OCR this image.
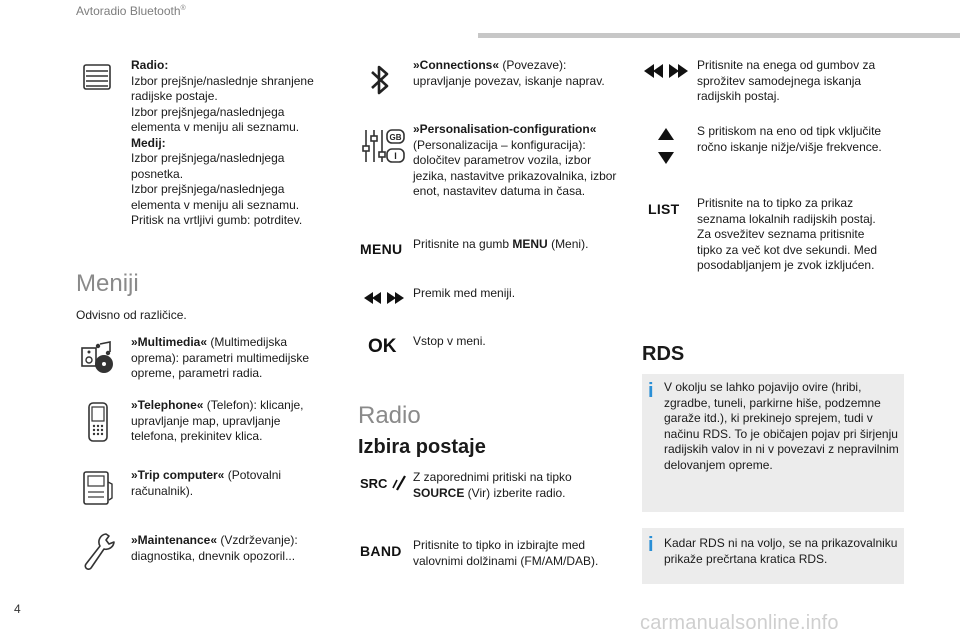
Avtoradio Bluetooth®
Radio:
Izbor prejšnje/naslednje shranjene radijske postaje.
Izbor prejšnjega/naslednjega elementa v meniju ali seznamu.
Medij:
Izbor prejšnjega/naslednjega posnetka.
Izbor prejšnjega/naslednjega elementa v meniju ali seznamu.
Pritisk na vrtljivi gumb: potrditev.
Meniji
Odvisno od različice.
»Multimedia« (Multimedijska oprema): parametri multimedijske opreme, parametri radia.
»Telephone« (Telefon): klicanje, upravljanje map, upravljanje telefona, prekinitev klica.
»Trip computer« (Potovalni računalnik).
»Maintenance« (Vzdrževanje): diagnostika, dnevnik opozoril...
»Connections« (Povezave): upravljanje povezav, iskanje naprav.
GB
I
»Personalisation-configuration« (Personalizacija – konfiguracija): določitev parametrov vozila, izbor jezika, nastavitve prikazovalnika, izbor enot, nastavitev datuma in časa.
MENU Pritisnite na gumb MENU (Meni).
Premik med meniji.
OK Vstop v meni.
Radio
Izbira postaje
SRC Z zaporednimi pritiski na tipko SOURCE (Vir) izberite radio.
BAND Pritisnite to tipko in izbirajte med valovnimi dolžinami (FM/AM/DAB).
Pritisnite na enega od gumbov za sprožitev samodejnega iskanja radijskih postaj.
S pritiskom na eno od tipk vključite ročno iskanje nižje/višje frekvence.
LIST Pritisnite na to tipko za prikaz seznama lokalnih radijskih postaj. Za osvežitev seznama pritisnite tipko za več kot dve sekundi. Med posodabljanjem je zvok izkljućen.
RDS
i V okolju se lahko pojavijo ovire (hribi, zgradbe, tuneli, parkirne hiše, podzemne garaže itd.), ki prekinejo sprejem, tudi v načinu RDS. To je običajen pojav pri širjenju radijskih valov in ni v povezavi z nepravilnim delovanjem opreme.
i Kadar RDS ni na voljo, se na prikazovalniku prikaže prečrtana kratica RDS.
4
carmanualsonline.info
